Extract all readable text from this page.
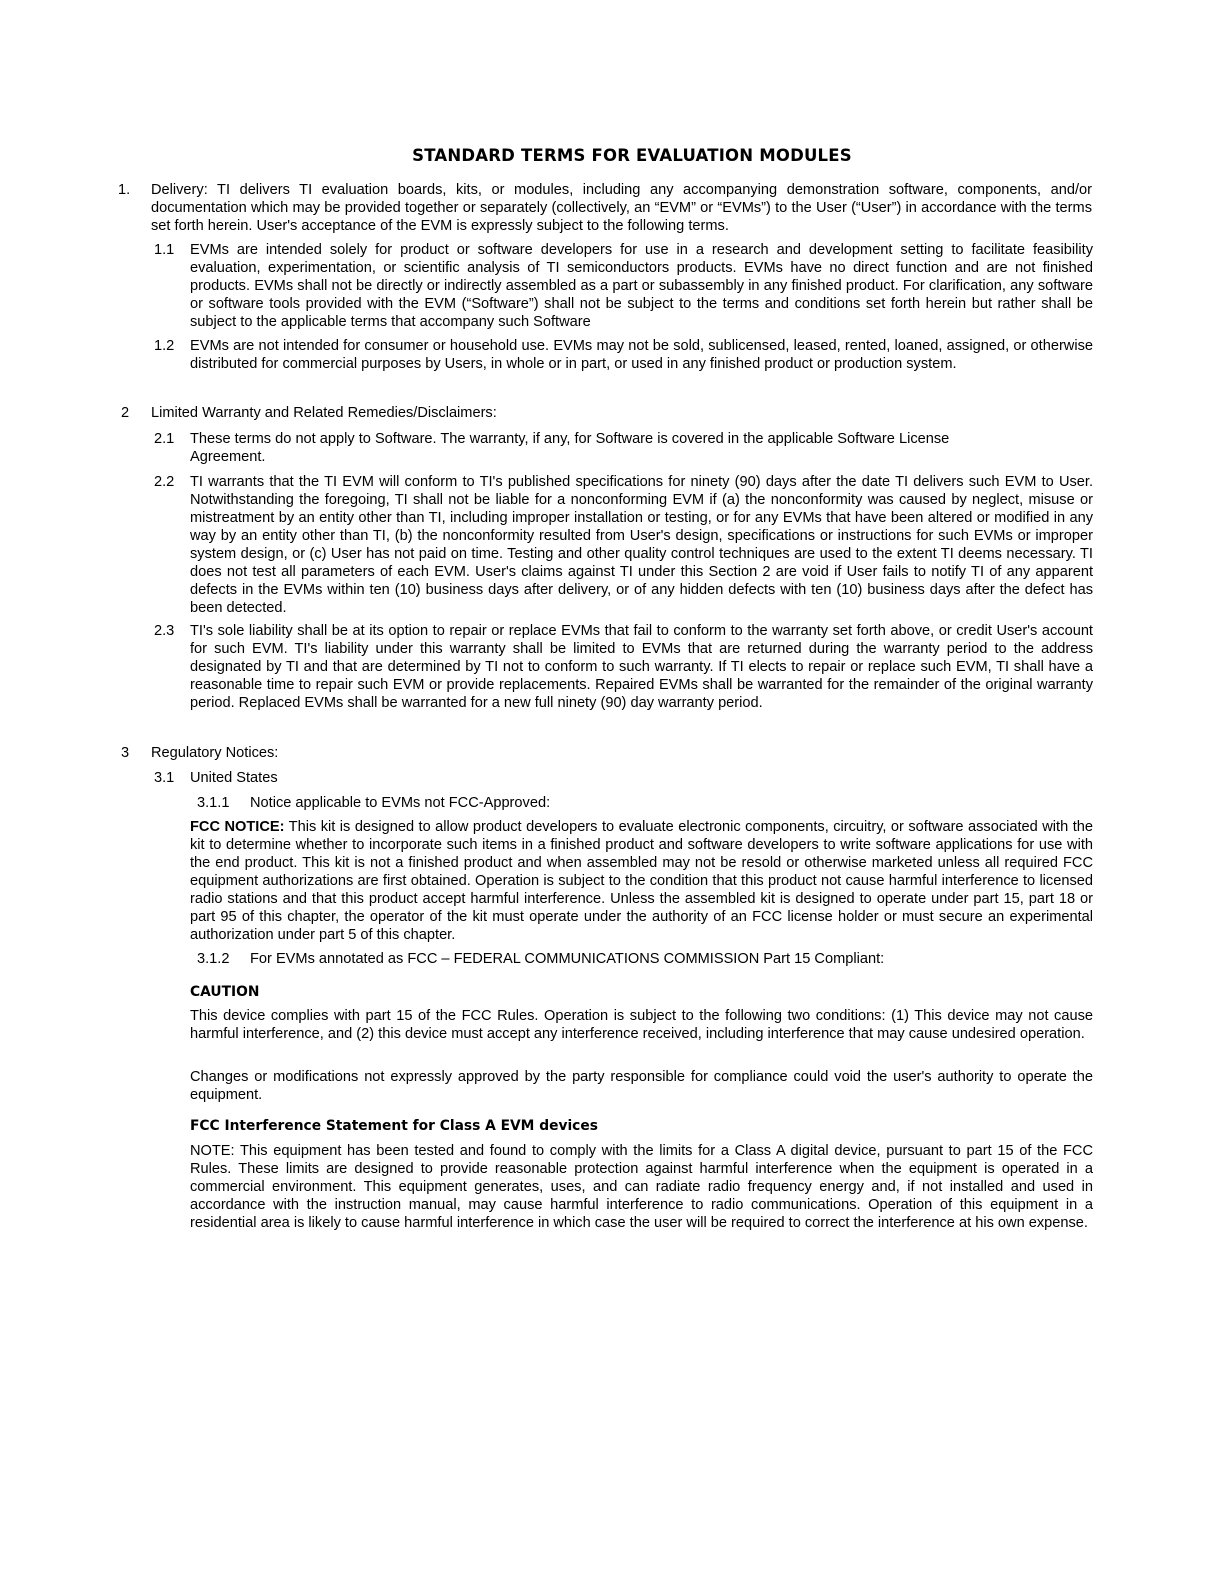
STANDARD TERMS FOR EVALUATION MODULES
1. Delivery: TI delivers TI evaluation boards, kits, or modules, including any accompanying demonstration software, components, and/or documentation which may be provided together or separately (collectively, an “EVM” or “EVMs”) to the User (“User”) in accordance with the terms set forth herein. User's acceptance of the EVM is expressly subject to the following terms.
1.1 EVMs are intended solely for product or software developers for use in a research and development setting to facilitate feasibility evaluation, experimentation, or scientific analysis of TI semiconductors products. EVMs have no direct function and are not finished products. EVMs shall not be directly or indirectly assembled as a part or subassembly in any finished product. For clarification, any software or software tools provided with the EVM (“Software”) shall not be subject to the terms and conditions set forth herein but rather shall be subject to the applicable terms that accompany such Software
1.2 EVMs are not intended for consumer or household use. EVMs may not be sold, sublicensed, leased, rented, loaned, assigned, or otherwise distributed for commercial purposes by Users, in whole or in part, or used in any finished product or production system.
2 Limited Warranty and Related Remedies/Disclaimers:
2.1 These terms do not apply to Software. The warranty, if any, for Software is covered in the applicable Software License
Agreement.
2.2 TI warrants that the TI EVM will conform to TI's published specifications for ninety (90) days after the date TI delivers such EVM to User. Notwithstanding the foregoing, TI shall not be liable for a nonconforming EVM if (a) the nonconformity was caused by neglect, misuse or mistreatment by an entity other than TI, including improper installation or testing, or for any EVMs that have been altered or modified in any way by an entity other than TI, (b) the nonconformity resulted from User's design, specifications or instructions for such EVMs or improper system design, or (c) User has not paid on time. Testing and other quality control techniques are used to the extent TI deems necessary. TI does not test all parameters of each EVM. User's claims against TI under this Section 2 are void if User fails to notify TI of any apparent defects in the EVMs within ten (10) business days after delivery, or of any hidden defects with ten (10) business days after the defect has been detected.
2.3 TI's sole liability shall be at its option to repair or replace EVMs that fail to conform to the warranty set forth above, or credit User's account for such EVM. TI's liability under this warranty shall be limited to EVMs that are returned during the warranty period to the address designated by TI and that are determined by TI not to conform to such warranty. If TI elects to repair or replace such EVM, TI shall have a reasonable time to repair such EVM or provide replacements. Repaired EVMs shall be warranted for the remainder of the original warranty period. Replaced EVMs shall be warranted for a new full ninety (90) day warranty period.
3 Regulatory Notices:
3.1 United States
3.1.1 Notice applicable to EVMs not FCC-Approved:
FCC NOTICE: This kit is designed to allow product developers to evaluate electronic components, circuitry, or software associated with the kit to determine whether to incorporate such items in a finished product and software developers to write software applications for use with the end product. This kit is not a finished product and when assembled may not be resold or otherwise marketed unless all required FCC equipment authorizations are first obtained. Operation is subject to the condition that this product not cause harmful interference to licensed radio stations and that this product accept harmful interference. Unless the assembled kit is designed to operate under part 15, part 18 or part 95 of this chapter, the operator of the kit must operate under the authority of an FCC license holder or must secure an experimental authorization under part 5 of this chapter.
3.1.2 For EVMs annotated as FCC – FEDERAL COMMUNICATIONS COMMISSION Part 15 Compliant:
CAUTION
This device complies with part 15 of the FCC Rules. Operation is subject to the following two conditions: (1) This device may not cause harmful interference, and (2) this device must accept any interference received, including interference that may cause undesired operation.
Changes or modifications not expressly approved by the party responsible for compliance could void the user's authority to operate the equipment.
FCC Interference Statement for Class A EVM devices
NOTE: This equipment has been tested and found to comply with the limits for a Class A digital device, pursuant to part 15 of the FCC Rules. These limits are designed to provide reasonable protection against harmful interference when the equipment is operated in a commercial environment. This equipment generates, uses, and can radiate radio frequency energy and, if not installed and used in accordance with the instruction manual, may cause harmful interference to radio communications. Operation of this equipment in a residential area is likely to cause harmful interference in which case the user will be required to correct the interference at his own expense.
